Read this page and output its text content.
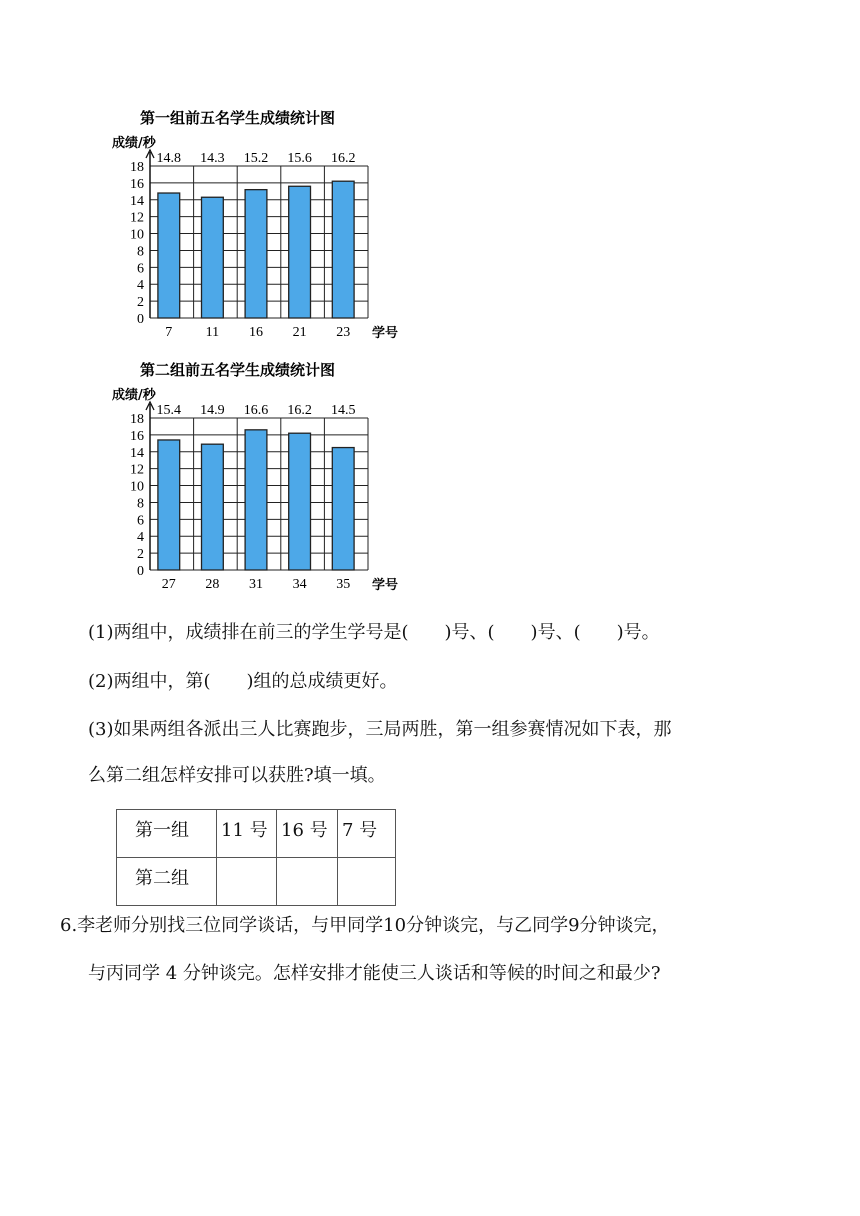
第一组前五名学生成绩统计图
成绩/秒
0
2
4
6
8
10
12
14
16
18
14.8
7
14.3
11
15.2
16
15.6
21
16.2
23 学号
第二组前五名学生成绩统计图
成绩/秒
0
2
4
6
8
10
12
14
16
18
15.4
27
14.9
28
16.6
31
16.2
34
14.5
35 学号
(1)两组中，成绩排在前三的学生学号是(　　)号、(　　)号、(　　)号。
(2)两组中，第(　　)组的总成绩更好。
(3)如果两组各派出三人比赛跑步，三局两胜，第一组参赛情况如下表，那
么第二组怎样安排可以获胜?填一填。
第一组	11 号	16 号	7 号

第二组			

6.李老师分别找三位同学谈话，与甲同学10分钟谈完，与乙同学9分钟谈完，
与丙同学 4 分钟谈完。怎样安排才能使三人谈话和等候的时间之和最少?
